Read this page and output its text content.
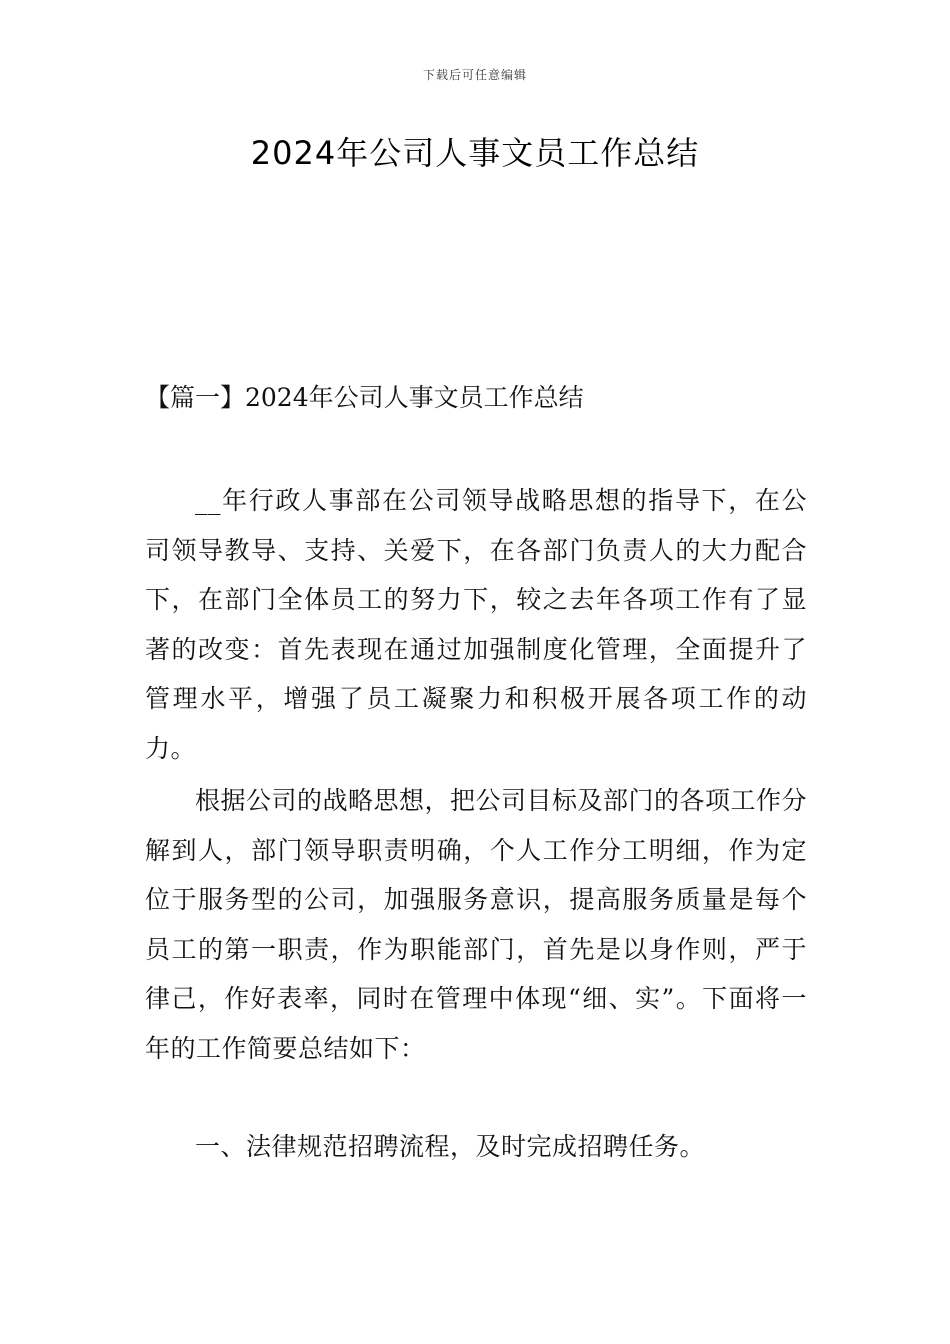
下载后可任意编辑
2024年公司人事文员工作总结

【篇一】2024年公司人事文员工作总结

__年行政人事部在公司领导战略思想的指导下，在公司领导教导、支持、关爱下，在各部门负责人的大力配合下，在部门全体员工的努力下，较之去年各项工作有了显著的改变：首先表现在通过加强制度化管理，全面提升了管理水平，增强了员工凝聚力和积极开展各项工作的动力。

根据公司的战略思想，把公司目标及部门的各项工作分解到人，部门领导职责明确，个人工作分工明细，作为定位于服务型的公司，加强服务意识，提高服务质量是每个员工的第一职责，作为职能部门，首先是以身作则，严于律己，作好表率，同时在管理中体现“细、实”。下面将一年的工作简要总结如下：

一、法律规范招聘流程，及时完成招聘任务。
